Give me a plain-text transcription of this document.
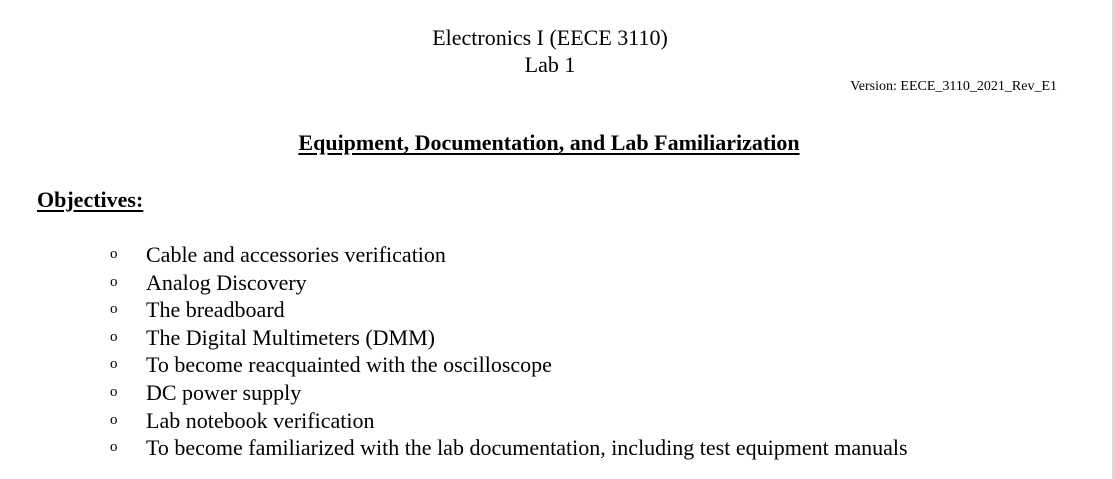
Electronics I (EECE 3110)
Lab 1
Version: EECE_3110_2021_Rev_E1
Equipment, Documentation, and Lab Familiarization
Objectives:
o Cable and accessories verification
o Analog Discovery
o The breadboard
o The Digital Multimeters (DMM)
o To become reacquainted with the oscilloscope
o DC power supply
o Lab notebook verification
o To become familiarized with the lab documentation, including test equipment manuals
